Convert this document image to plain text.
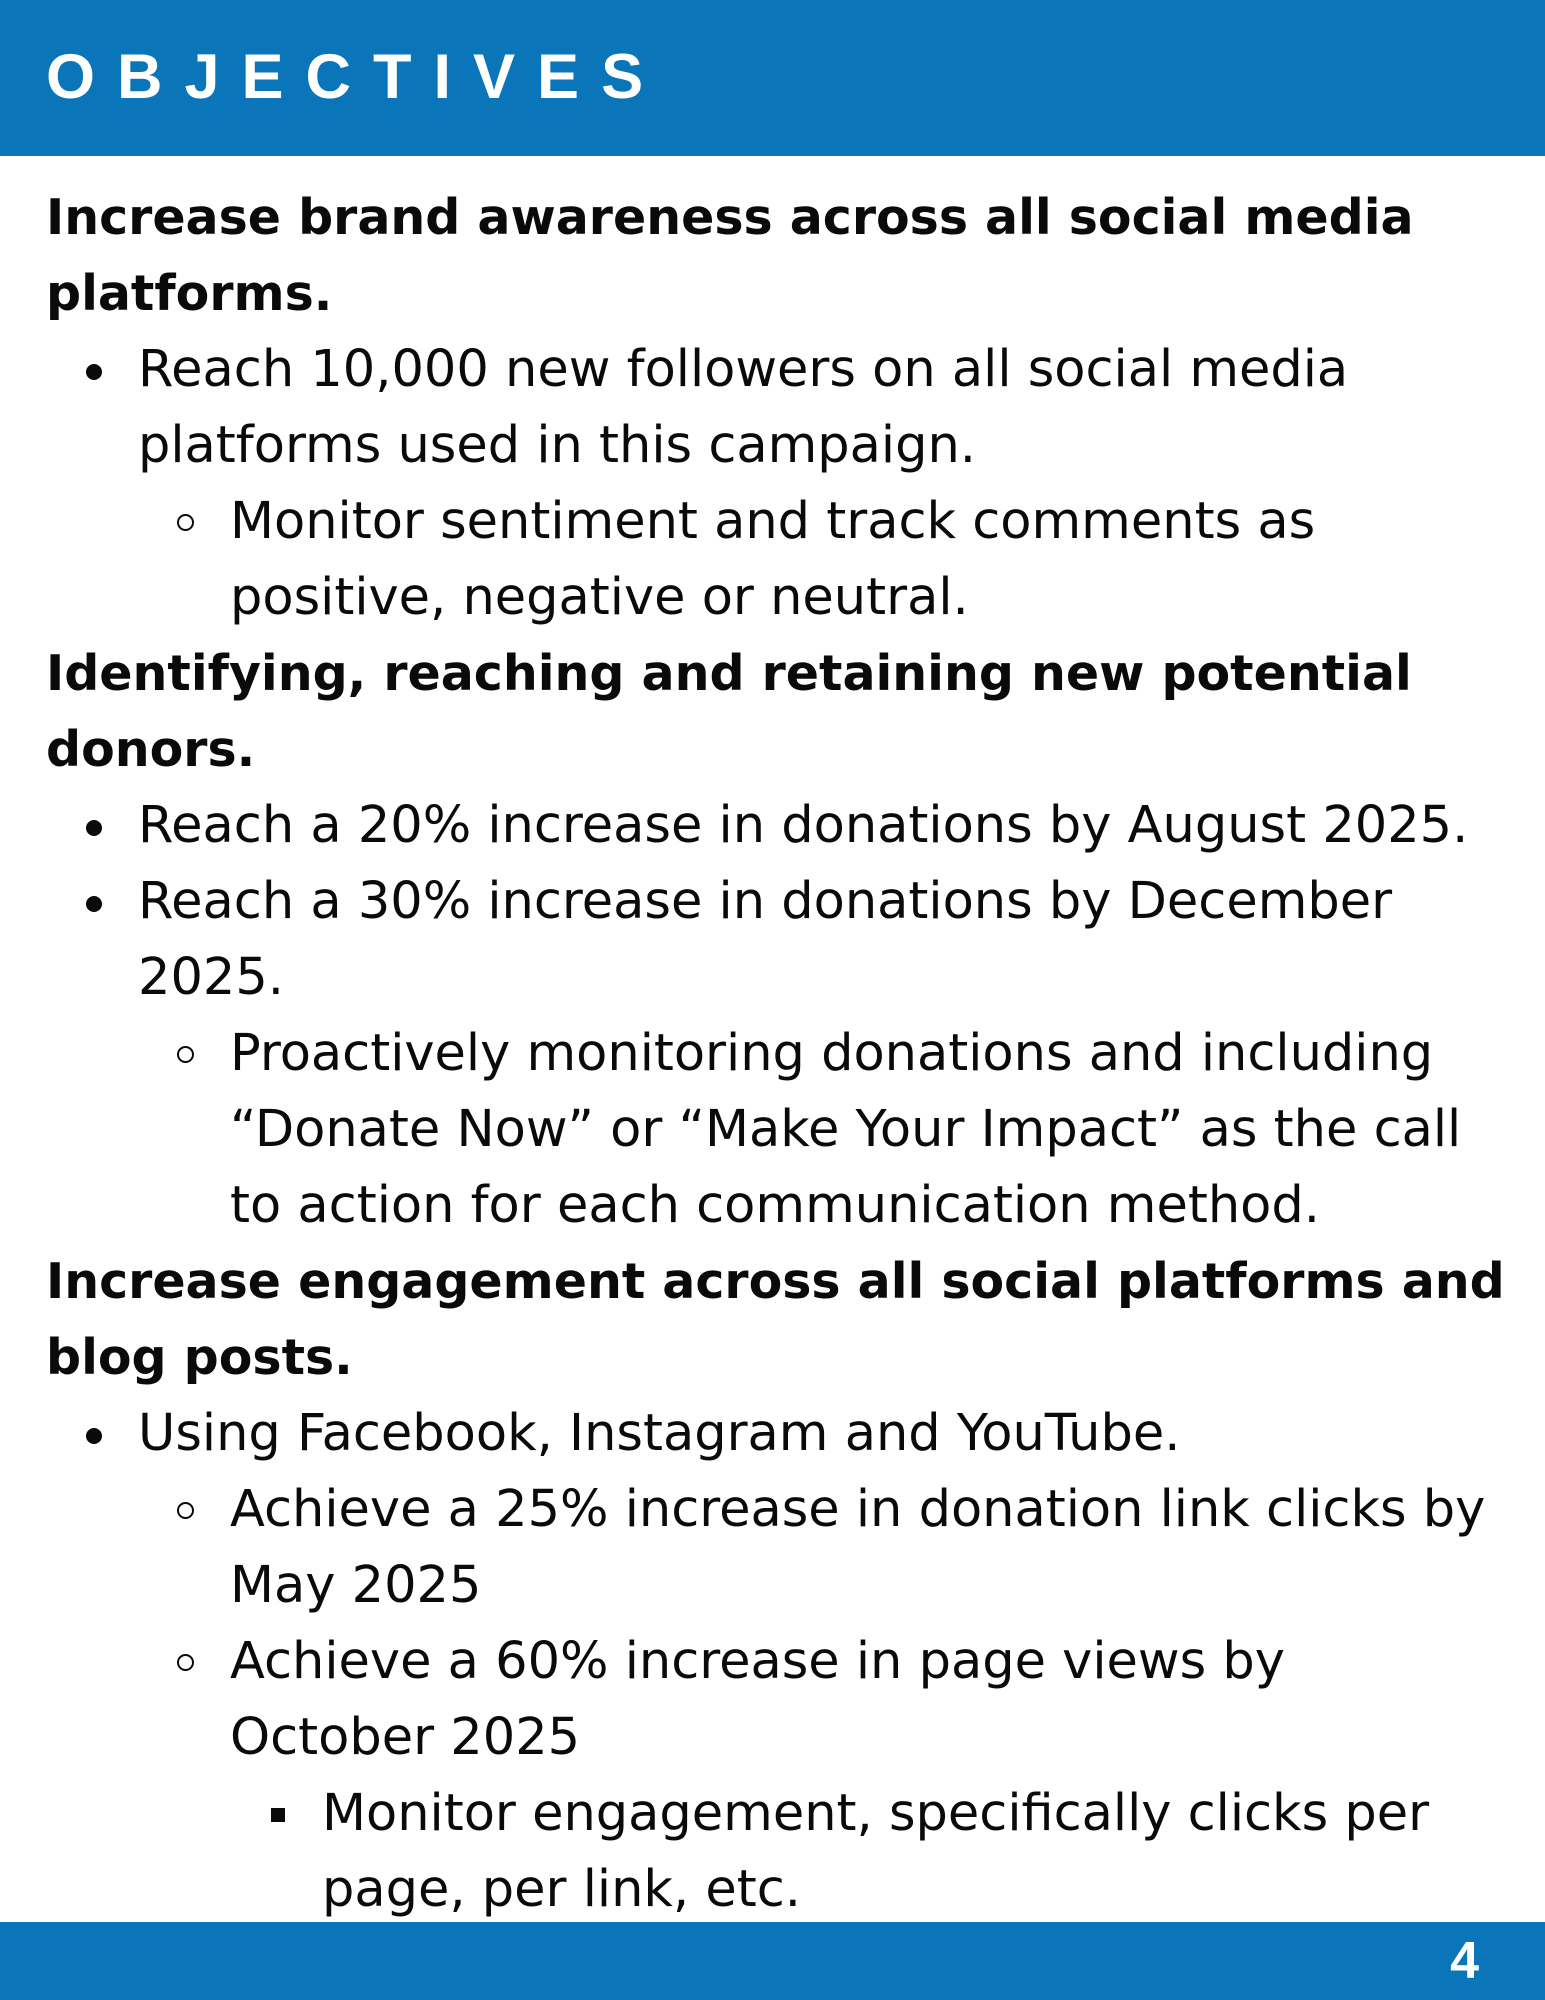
OBJECTIVES
Increase brand awareness across all social media
platforms.
Reach 10,000 new followers on all social media
platforms used in this campaign.
Monitor sentiment and track comments as
positive, negative or neutral.
Identifying, reaching and retaining new potential
donors.
Reach a 20% increase in donations by August 2025.
Reach a 30% increase in donations by December
2025.
Proactively monitoring donations and including
“Donate Now” or “Make Your Impact” as the call
to action for each communication method.
Increase engagement across all social platforms and
blog posts.
Using Facebook, Instagram and YouTube.
Achieve a 25% increase in donation link clicks by
May 2025
Achieve a 60% increase in page views by
October 2025
Monitor engagement, specifically clicks per
page, per link, etc.
4
